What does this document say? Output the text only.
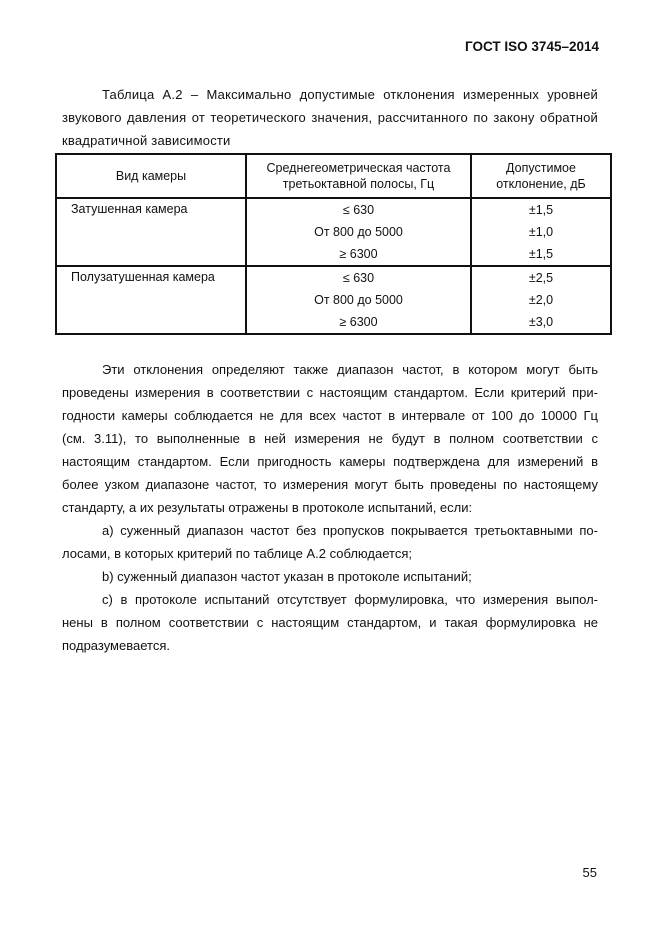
ГОСТ ISO 3745–2014
Таблица А.2 – Максимально допустимые отклонения измеренных уровней
звукового давления от теоретического значения, рассчитанного по закону обратной
квадратичной зависимости
Вид камеры	Среднегеометрическая частота третьоктавной полосы, Гц	Допустимое отклонение, дБ
Затушенная камера	≤ 630	±1,5
	От 800 до 5000	±1,0
	≥ 6300	±1,5
Полузатушенная камера	≤ 630	±2,5
	От 800 до 5000	±2,0
	≥ 6300	±3,0
Эти отклонения определяют также диапазон частот, в котором могут быть
проведены измерения в соответствии с настоящим стандартом. Если критерий при-
годности камеры соблюдается не для всех частот в интервале от 100 до 10000 Гц
(см. 3.11), то выполненные в ней измерения не будут в полном соответствии с
настоящим стандартом. Если пригодность камеры подтверждена для измерений в
более узком диапазоне частот, то измерения могут быть проведены по настоящему
стандарту, а их результаты отражены в протоколе испытаний, если:
а) суженный диапазон частот без пропусков покрывается третьоктавными по-
лосами, в которых критерий по таблице А.2 соблюдается;
b) суженный диапазон частот указан в протоколе испытаний;
с) в протоколе испытаний отсутствует формулировка, что измерения выпол-
нены в полном соответствии с настоящим стандартом, и такая формулировка не
подразумевается.
55
